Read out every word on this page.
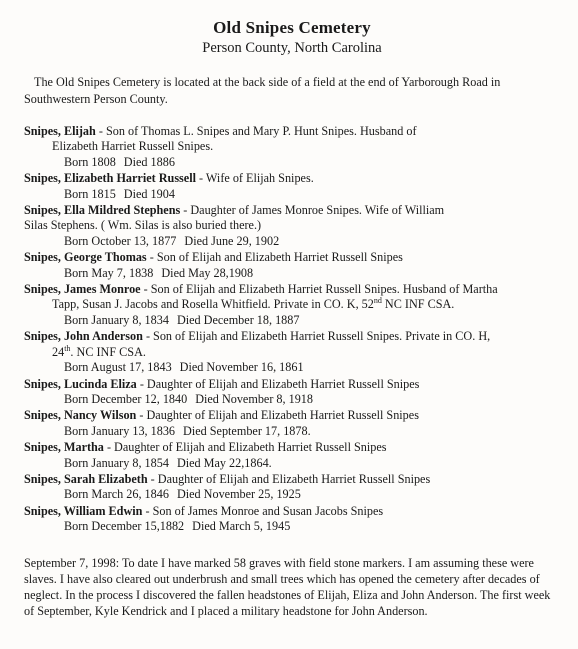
Old Snipes Cemetery
Person County, North Carolina
The Old Snipes Cemetery is located at the back side of a field at the end of Yarborough Road in Southwestern Person County.
Snipes, Elijah - Son of Thomas L. Snipes and Mary P. Hunt Snipes. Husband of
Elizabeth Harriet Russell Snipes.
Born 1808 Died 1886
Snipes, Elizabeth Harriet Russell - Wife of Elijah Snipes.
Born 1815 Died 1904
Snipes, Ella Mildred Stephens - Daughter of James Monroe Snipes. Wife of William
Silas Stephens. ( Wm. Silas is also buried there.)
Born October 13, 1877 Died June 29, 1902
Snipes, George Thomas - Son of Elijah and Elizabeth Harriet Russell Snipes
Born May 7, 1838 Died May 28,1908
Snipes, James Monroe - Son of Elijah and Elizabeth Harriet Russell Snipes. Husband of Martha
Tapp, Susan J. Jacobs and Rosella Whitfield. Private in CO. K, 52nd NC INF CSA.
Born January 8, 1834 Died December 18, 1887
Snipes, John Anderson - Son of Elijah and Elizabeth Harriet Russell Snipes. Private in CO. H,
24th. NC INF CSA.
Born August 17, 1843 Died November 16, 1861
Snipes, Lucinda Eliza - Daughter of Elijah and Elizabeth Harriet Russell Snipes
Born December 12, 1840 Died November 8, 1918
Snipes, Nancy Wilson - Daughter of Elijah and Elizabeth Harriet Russell Snipes
Born January 13, 1836 Died September 17, 1878.
Snipes, Martha - Daughter of Elijah and Elizabeth Harriet Russell Snipes
Born January 8, 1854 Died May 22,1864.
Snipes, Sarah Elizabeth - Daughter of Elijah and Elizabeth Harriet Russell Snipes
Born March 26, 1846 Died November 25, 1925
Snipes, William Edwin - Son of James Monroe and Susan Jacobs Snipes
Born December 15,1882 Died March 5, 1945
September 7, 1998: To date I have marked 58 graves with field stone markers. I am assuming these were slaves. I have also cleared out underbrush and small trees which has opened the cemetery after decades of neglect. In the process I discovered the fallen headstones of Elijah, Eliza and John Anderson. The first week of September, Kyle Kendrick and I placed a military headstone for John Anderson.
